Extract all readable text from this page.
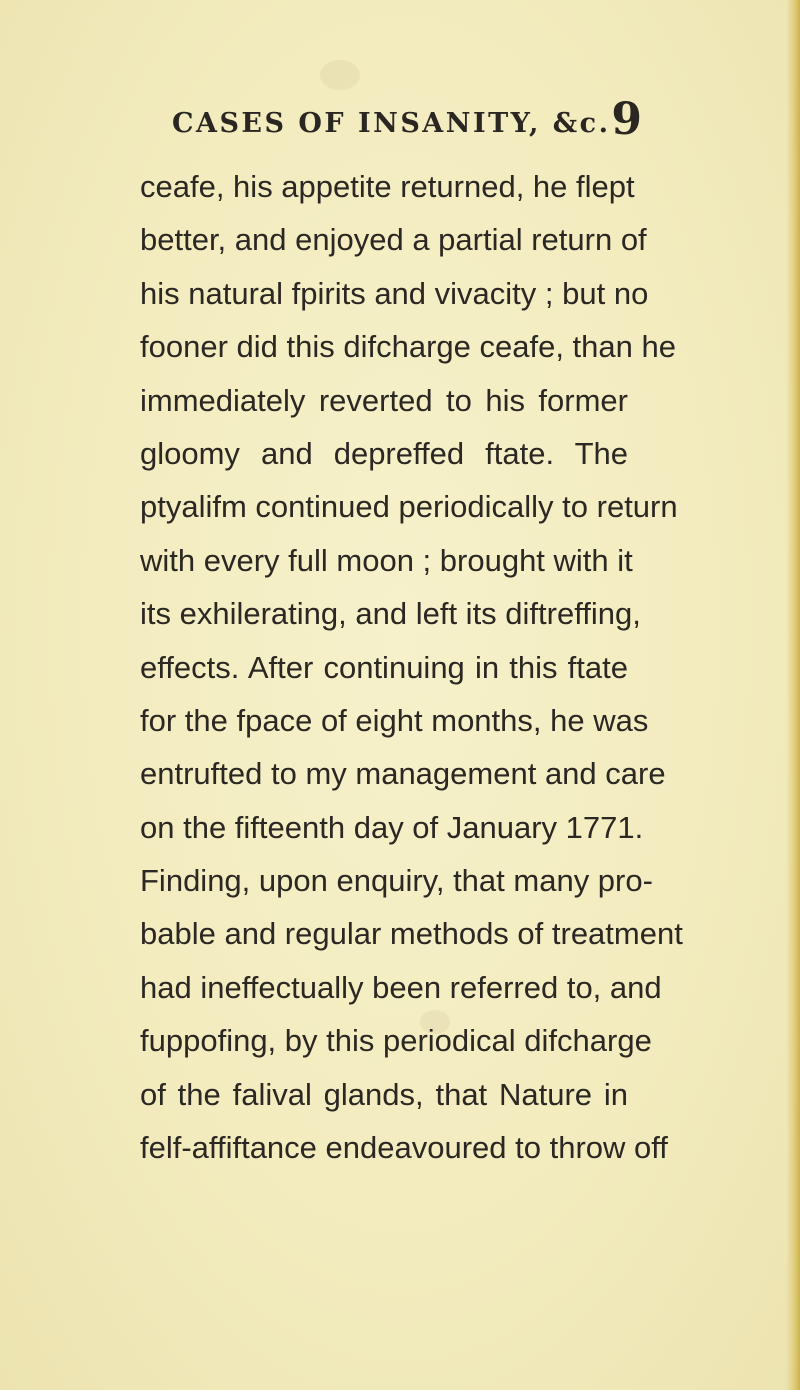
CASES OF INSANITY, &c. 9
ceafe, his appetite returned, he flept
better, and enjoyed a partial return of
his natural fpirits and vivacity ; but no
fooner did this difcharge ceafe, than he
immediately reverted to his former
gloomy and depreffed ftate. The
ptyalifm continued periodically to return
with every full moon ; brought with it
its exhilerating, and left its diftreffing,
effects. After continuing in this ftate
for the fpace of eight months, he was
entrufted to my management and care
on the fifteenth day of January 1771.
Finding, upon enquiry, that many pro-
bable and regular methods of treatment
had ineffectually been referred to, and
fuppofing, by this periodical difcharge
of the falival glands, that Nature in
felf-affiftance endeavoured to throw off
